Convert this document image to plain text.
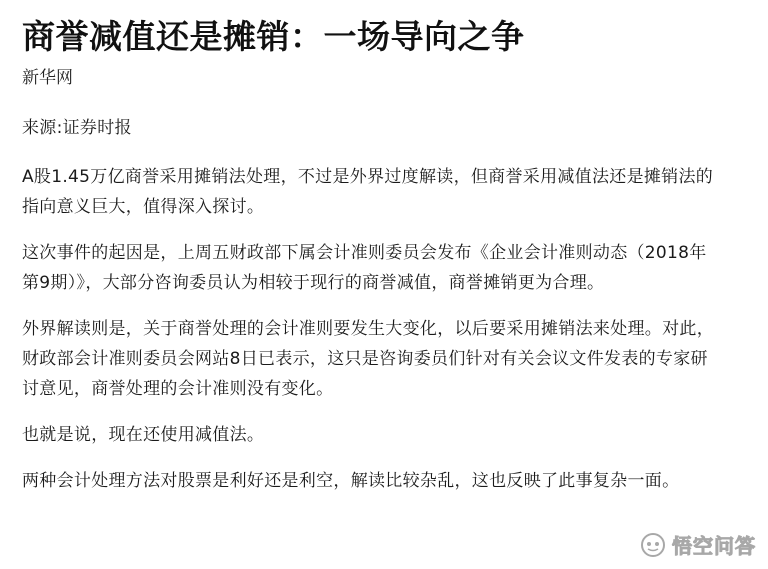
商誉减值还是摊销：一场导向之争
新华网

来源:证券时报

A股1.45万亿商誉采用摊销法处理，不过是外界过度解读，但商誉采用减值法还是摊销法的指向意义巨大，值得深入探讨。

这次事件的起因是，上周五财政部下属会计准则委员会发布《企业会计准则动态（2018年第9期）》，大部分咨询委员认为相较于现行的商誉减值，商誉摊销更为合理。

外界解读则是，关于商誉处理的会计准则要发生大变化，以后要采用摊销法来处理。对此，财政部会计准则委员会网站8日已表示，这只是咨询委员们针对有关会议文件发表的专家研讨意见，商誉处理的会计准则没有变化。

也就是说，现在还使用减值法。

两种会计处理方法对股票是利好还是利空，解读比较杂乱，这也反映了此事复杂一面。

悟空问答
